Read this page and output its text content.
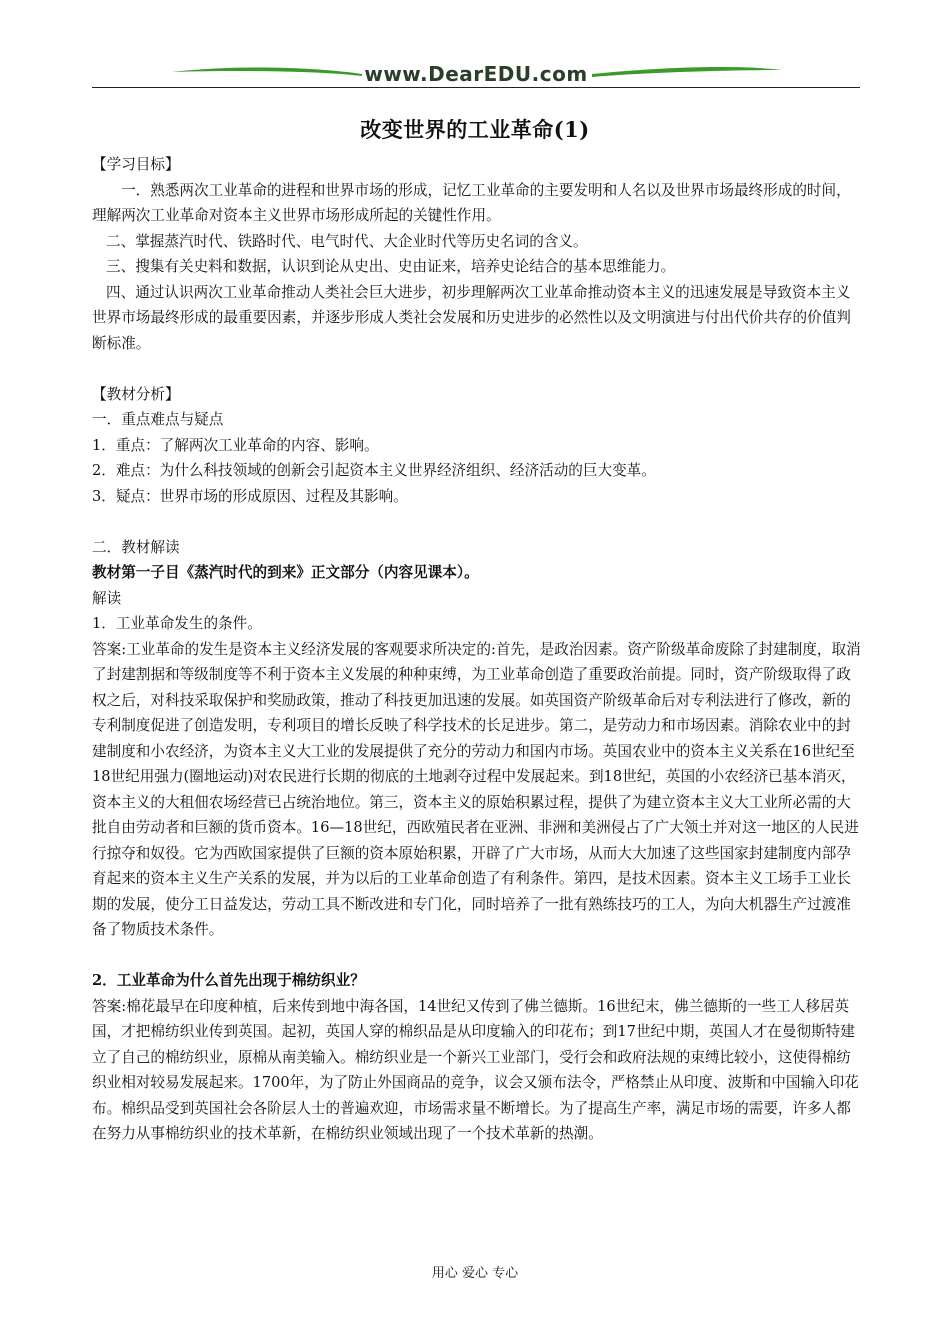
www.DearEDU.com
改变世界的工业革命(1)

【学习目标】

一．熟悉两次工业革命的进程和世界市场的形成，记忆工业革命的主要发明和人名以及世界市场最终形成的时间，理解两次工业革命对资本主义世界市场形成所起的关键性作用。

二、掌握蒸汽时代、铁路时代、电气时代、大企业时代等历史名词的含义。

三、搜集有关史料和数据，认识到论从史出、史由证来，培养史论结合的基本思维能力。

四、通过认识两次工业革命推动人类社会巨大进步，初步理解两次工业革命推动资本主义的迅速发展是导致资本主义世界市场最终形成的最重要因素，并逐步形成人类社会发展和历史进步的必然性以及文明演进与付出代价共存的价值判断标准。

【教材分析】

一．重点难点与疑点

1．重点：了解两次工业革命的内容、影响。

2．难点：为什么科技领域的创新会引起资本主义世界经济组织、经济活动的巨大变革。

3．疑点：世界市场的形成原因、过程及其影响。

二．教材解读

教材第一子目《蒸汽时代的到来》正文部分（内容见课本）。

解读

1．工业革命发生的条件。

答案:工业革命的发生是资本主义经济发展的客观要求所决定的:首先，是政治因素。资产阶级革命废除了封建制度，取消了封建割据和等级制度等不利于资本主义发展的种种束缚，为工业革命创造了重要政治前提。同时，资产阶级取得了政权之后，对科技采取保护和奖励政策，推动了科技更加迅速的发展。如英国资产阶级革命后对专利法进行了修改，新的专利制度促进了创造发明，专利项目的增长反映了科学技术的长足进步。第二，是劳动力和市场因素。消除农业中的封建制度和小农经济，为资本主义大工业的发展提供了充分的劳动力和国内市场。英国农业中的资本主义关系在16世纪至18世纪用强力(圈地运动)对农民进行长期的彻底的土地剥夺过程中发展起来。到18世纪，英国的小农经济已基本消灭，资本主义的大租佃农场经营已占统治地位。第三，资本主义的原始积累过程，提供了为建立资本主义大工业所必需的大批自由劳动者和巨额的货币资本。16—18世纪，西欧殖民者在亚洲、非洲和美洲侵占了广大领土并对这一地区的人民进行掠夺和奴役。它为西欧国家提供了巨额的资本原始积累，开辟了广大市场，从而大大加速了这些国家封建制度内部孕育起来的资本主义生产关系的发展，并为以后的工业革命创造了有利条件。第四，是技术因素。资本主义工场手工业长期的发展，使分工日益发达，劳动工具不断改进和专门化，同时培养了一批有熟练技巧的工人，为向大机器生产过渡准备了物质技术条件。

2．工业革命为什么首先出现于棉纺织业？

答案:棉花最早在印度种植，后来传到地中海各国，14世纪又传到了佛兰德斯。16世纪末，佛兰德斯的一些工人移居英国，才把棉纺织业传到英国。起初，英国人穿的棉织品是从印度输入的印花布；到17世纪中期，英国人才在曼彻斯特建立了自己的棉纺织业，原棉从南美输入。棉纺织业是一个新兴工业部门，受行会和政府法规的束缚比较小，这使得棉纺织业相对较易发展起来。1700年，为了防止外国商品的竞争，议会又颁布法令，严格禁止从印度、波斯和中国输入印花布。棉织品受到英国社会各阶层人士的普遍欢迎，市场需求量不断增长。为了提高生产率，满足市场的需要，许多人都在努力从事棉纺织业的技术革新，在棉纺织业领域出现了一个技术革新的热潮。

用心 爱心 专心
